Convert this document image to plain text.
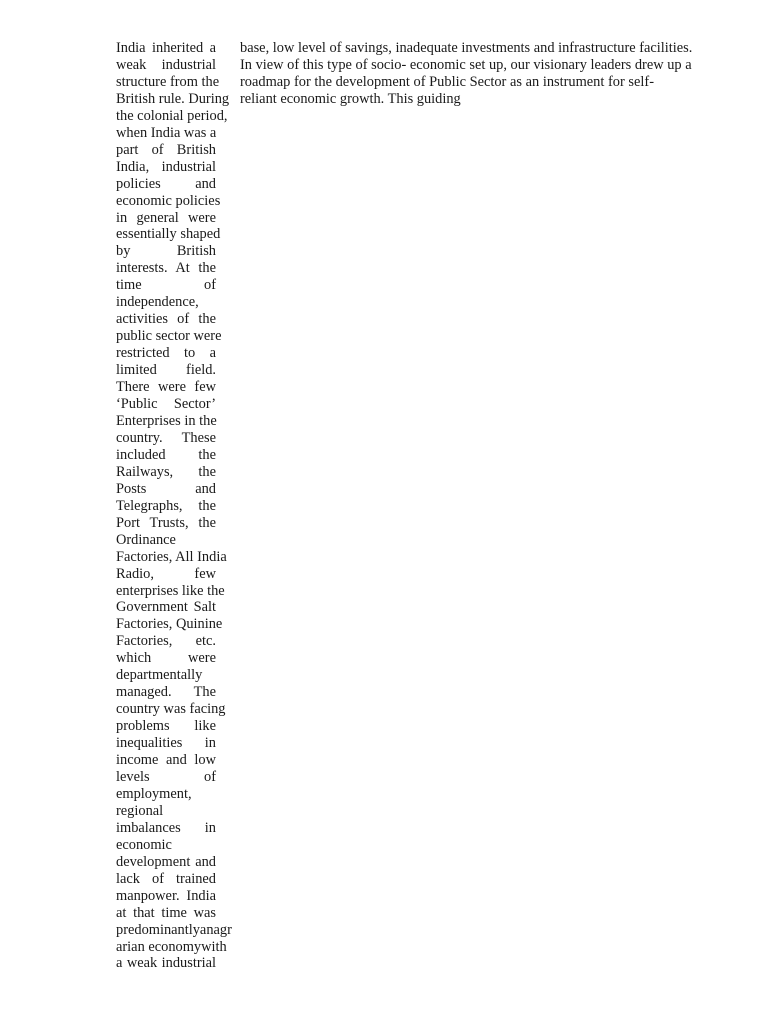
India inherited a
weak industrial
structure from the
British rule. During
the colonial period,
when India was a
part of British
India, industrial
policies and
economic policies
in general were
essentially shaped
by British
interests. At the
time of
independence,
activities of the
public sector were
restricted to a
limited field.
There were few
‘Public Sector’
Enterprises in the
country. These
included the
Railways, the
Posts and
Telegraphs, the
Port Trusts, the
Ordinance
Factories, All India
Radio, few
enterprises like the
Government Salt
Factories, Quinine
Factories, etc.
which were
departmentally
managed. The
country was facing
problems like
inequalities in
income and low
levels of
employment,
regional
imbalances in
economic
development and
lack of trained
manpower. India
at that time was
predominantlyanagr
arian economywith
a weak industrial
base, low level of savings, inadequate investments and infrastructure facilities.
In view of this type of socio- economic set up, our visionary leaders drew up a
roadmap for the development of Public Sector as an instrument for self-
reliant economic growth. This guiding
